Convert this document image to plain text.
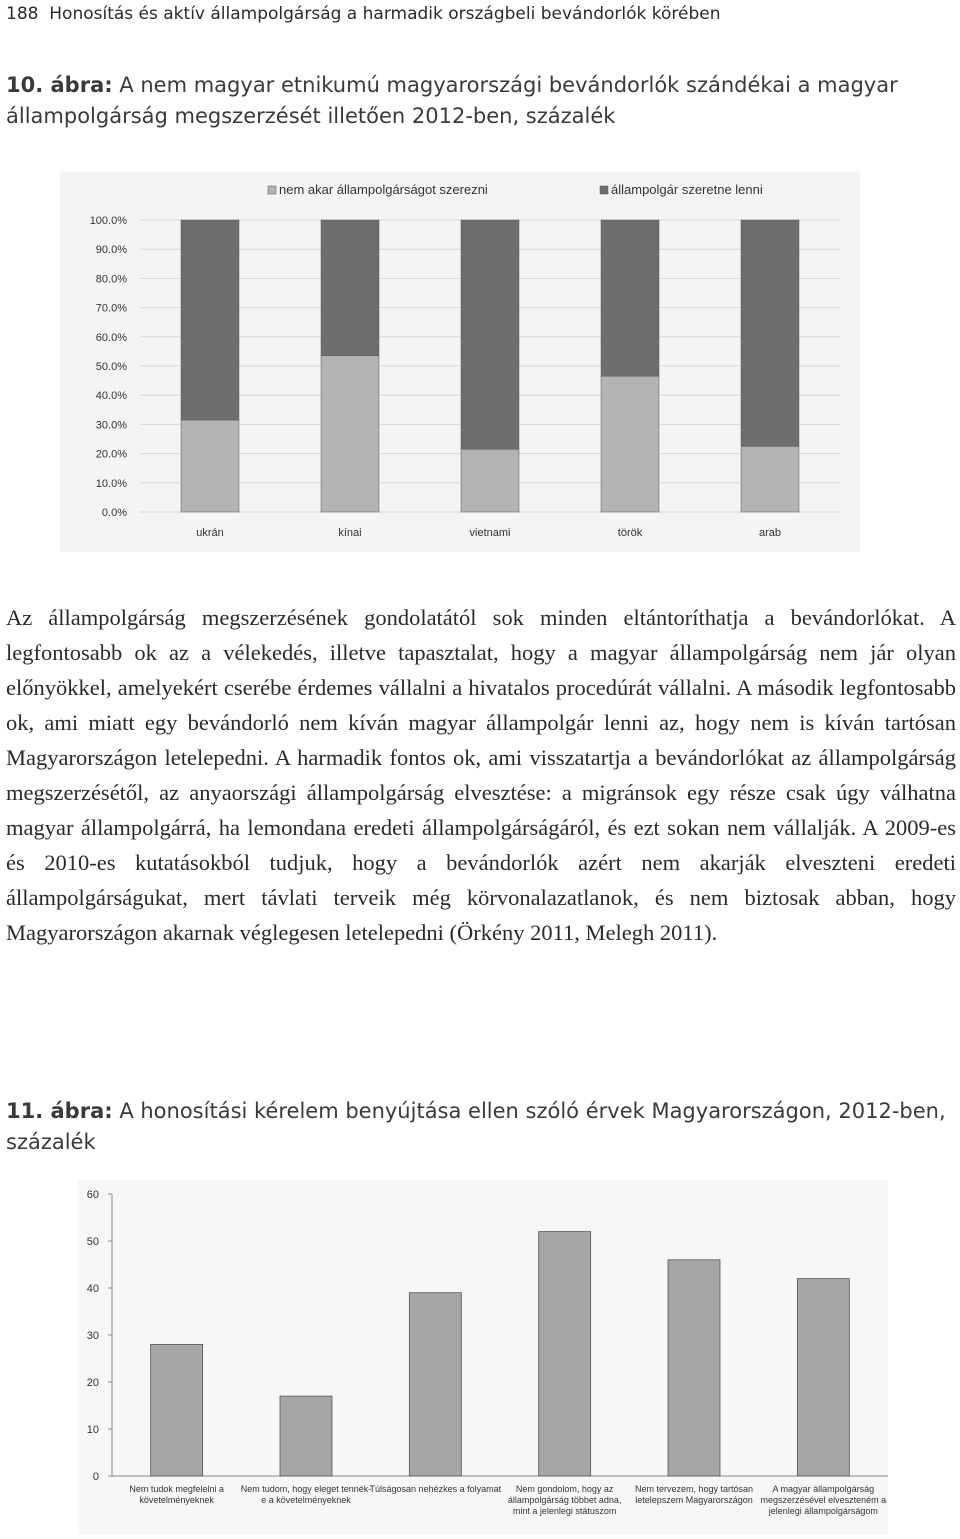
188 Honosítás és aktív állampolgárság a harmadik országbeli bevándorlók körében
10. ábra: A nem magyar etnikumú magyarországi bevándorlók szándékai a magyar állampolgárság megszerzését illetően 2012-ben, százalék
0.0%
10.0%
20.0%
30.0%
40.0%
50.0%
60.0%
70.0%
80.0%
90.0%
100.0%
nem akar állampolgárságot szerezni	állampolgár szeretne lenni
ukrán	kínai	vietnami	török	arab

Az állampolgárság megszerzésének gondolatától sok minden eltántoríthatja a bevándorlókat. A legfontosabb ok az a vélekedés, illetve tapasztalat, hogy a magyar állampolgárság nem jár olyan előnyökkel, amelyekért cserébe érdemes vállalni a hivatalos procedúrát vállalni. A második legfontosabb ok, ami miatt egy bevándorló nem kíván magyar állampolgár lenni az, hogy nem is kíván tartósan Magyarországon letelepedni. A harmadik fontos ok, ami visszatartja a bevándorlókat az állampolgárság megszerzésétől, az anyaországi állampolgárság elvesztése: a migránsok egy része csak úgy válhatna magyar állampolgárrá, ha lemondana eredeti állampolgárságáról, és ezt sokan nem vállalják. A 2009-es és 2010-es kutatásokból tudjuk, hogy a bevándorlók azért nem akarják elveszteni eredeti állampolgárságukat, mert távlati terveik még körvonalazatlanok, és nem biztosak abban, hogy Magyarországon akarnak véglegesen letelepedni (Örkény 2011, Melegh 2011).

11. ábra: A honosítási kérelem benyújtása ellen szóló érvek Magyarországon, 2012-ben, százalék
0
10
20
30
40
50
60
Nem tudok megfelelni a
követelményeknek
Nem tudom, hogy eleget tennék-
e a követelményeknek
Túlságosan nehézkes a folyamat Nem gondolom, hogy az
állampolgárság többet adna,
mint a jelenlegi státuszom
Nem tervezem, hogy tartósan
letelepszem Magyarországon
A magyar állampolgárság
megszerzésével elveszteném a
jelenlegi állampolgárságom
